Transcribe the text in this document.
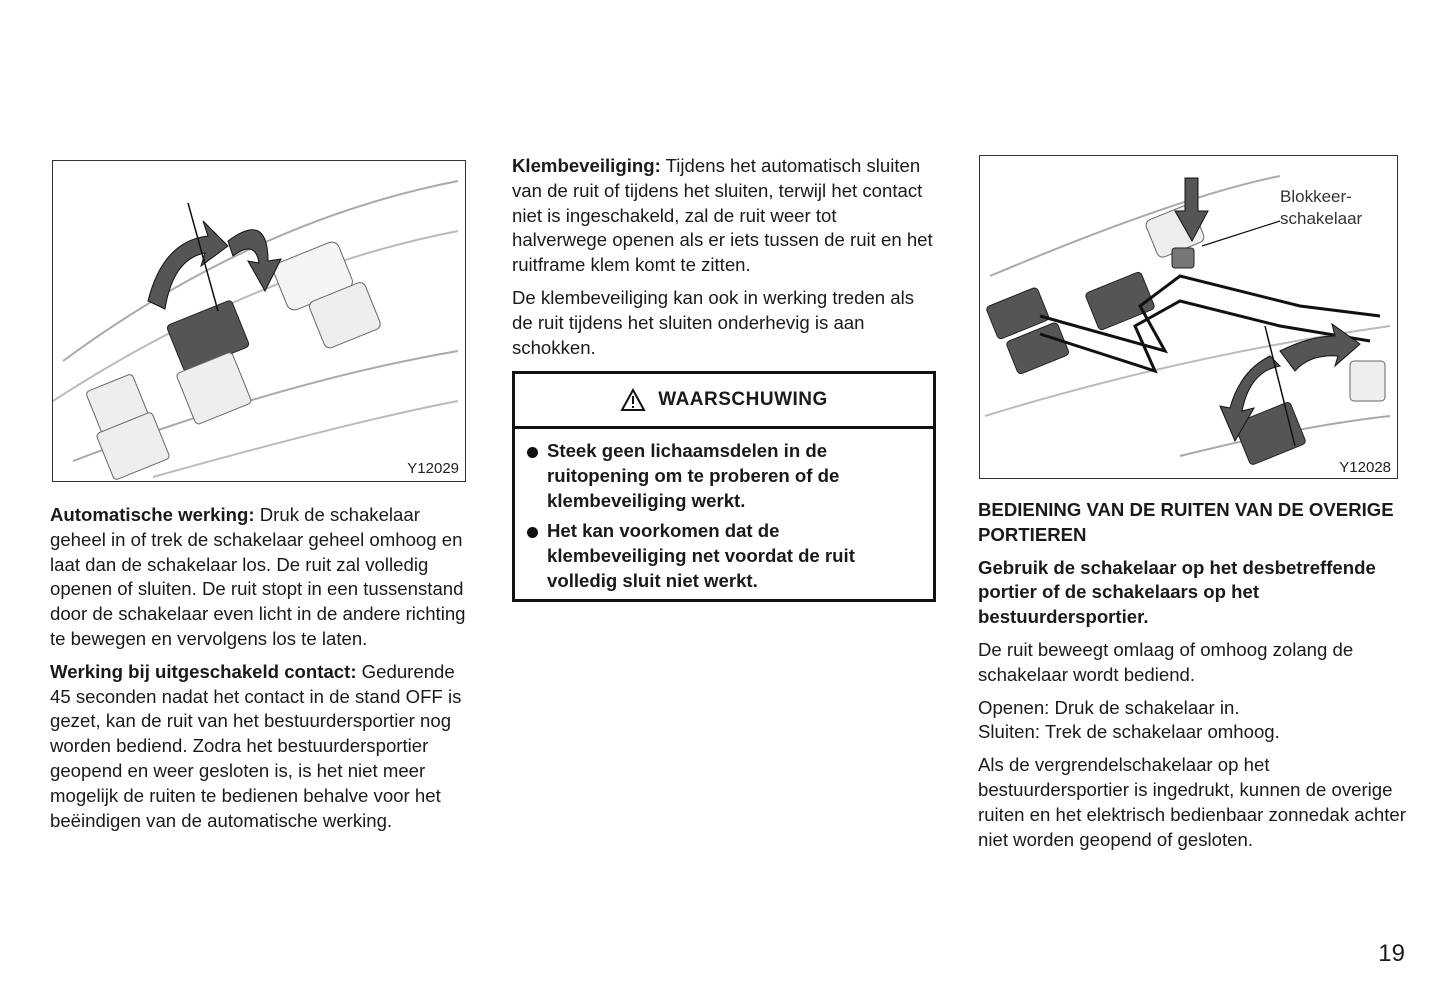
Y12029

Automatische werking: Druk de schakelaar geheel in of trek de schakelaar geheel omhoog en laat dan de schakelaar los. De ruit zal volledig openen of sluiten. De ruit stopt in een tussenstand door de schakelaar even licht in de andere richting te bewegen en vervolgens los te laten.

Werking bij uitgeschakeld contact: Gedurende 45 seconden nadat het contact in de stand OFF is gezet, kan de ruit van het bestuurdersportier nog worden bediend. Zodra het bestuurdersportier geopend en weer gesloten is, is het niet meer mogelijk de ruiten te bedienen behalve voor het beëindigen van de automatische werking.

Klembeveiliging: Tijdens het automatisch sluiten van de ruit of tijdens het sluiten, terwijl het contact niet is ingeschakeld, zal de ruit weer tot halverwege openen als er iets tussen de ruit en het ruitframe klem komt te zitten.

De klembeveiliging kan ook in werking treden als de ruit tijdens het sluiten onderhevig is aan schokken.

WAARSCHUWING
Steek geen lichaamsdelen in de ruitopening om te proberen of de klembeveiliging werkt.
Het kan voorkomen dat de klembeveiliging net voordat de ruit volledig sluit niet werkt.
Blokkeer-
schakelaar
Y12028

BEDIENING VAN DE RUITEN VAN DE OVERIGE PORTIEREN

Gebruik de schakelaar op het desbetreffende portier of de schakelaars op het bestuurdersportier.

De ruit beweegt omlaag of omhoog zolang de schakelaar wordt bediend.

Openen: Druk de schakelaar in.
Sluiten: Trek de schakelaar omhoog.

Als de vergrendelschakelaar op het bestuurdersportier is ingedrukt, kunnen de overige ruiten en het elektrisch bedienbaar zonnedak achter niet worden geopend of gesloten.

19
